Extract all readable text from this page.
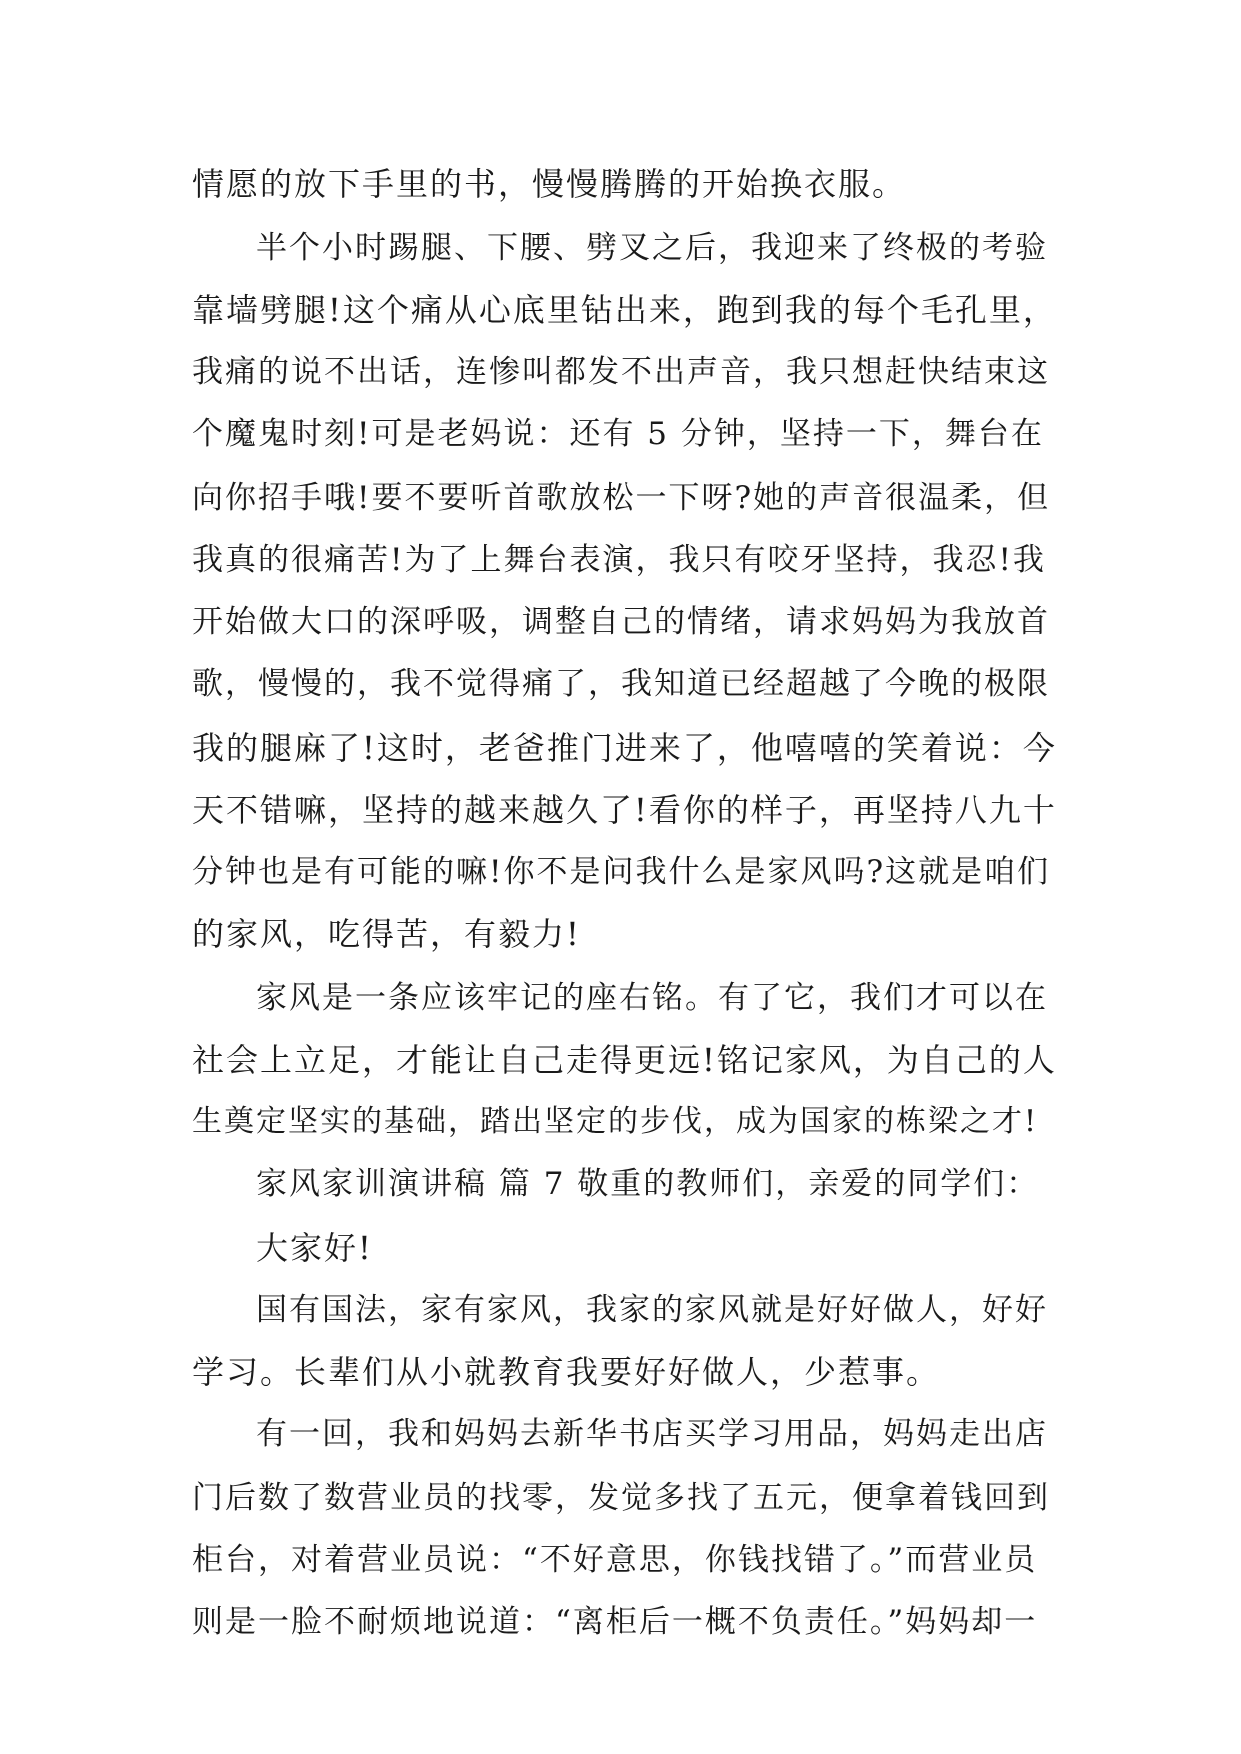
情愿的放下手里的书，慢慢腾腾的开始换衣服。
半个小时踢腿、下腰、劈叉之后，我迎来了终极的考验
靠墙劈腿!这个痛从心底里钻出来，跑到我的每个毛孔里，
我痛的说不出话，连惨叫都发不出声音，我只想赶快结束这
个魔鬼时刻!可是老妈说：还有 5 分钟，坚持一下，舞台在
向你招手哦!要不要听首歌放松一下呀?她的声音很温柔，但
我真的很痛苦!为了上舞台表演，我只有咬牙坚持，我忍!我
开始做大口的深呼吸，调整自己的情绪，请求妈妈为我放首
歌，慢慢的，我不觉得痛了，我知道已经超越了今晚的极限
我的腿麻了!这时，老爸推门进来了，他嘻嘻的笑着说：今
天不错嘛，坚持的越来越久了!看你的样子，再坚持八九十
分钟也是有可能的嘛!你不是问我什么是家风吗?这就是咱们
的家风，吃得苦，有毅力!
家风是一条应该牢记的座右铭。有了它，我们才可以在
社会上立足，才能让自己走得更远!铭记家风，为自己的人
生奠定坚实的基础，踏出坚定的步伐，成为国家的栋梁之才!
家风家训演讲稿 篇 7 敬重的教师们，亲爱的同学们：
大家好!
国有国法，家有家风，我家的家风就是好好做人，好好
学习。长辈们从小就教育我要好好做人，少惹事。
有一回，我和妈妈去新华书店买学习用品，妈妈走出店
门后数了数营业员的找零，发觉多找了五元，便拿着钱回到
柜台，对着营业员说：“不好意思，你钱找错了。”而营业员
则是一脸不耐烦地说道：“离柜后一概不负责任。”妈妈却一
